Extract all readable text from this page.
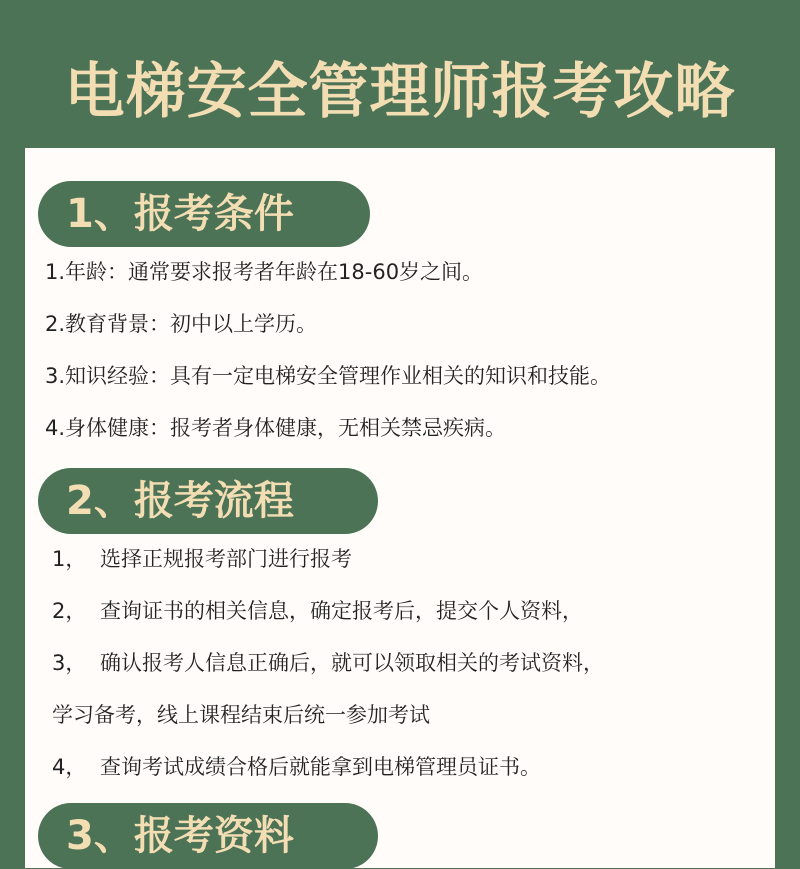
电梯安全管理师报考攻略
1、报考条件
1.年龄：通常要求报考者年龄在18-60岁之间。
2.教育背景：初中以上学历。
3.知识经验：具有一定电梯安全管理作业相关的知识和技能。
4.身体健康：报考者身体健康，无相关禁忌疾病。
2、报考流程
1， 选择正规报考部门进行报考
2， 查询证书的相关信息，确定报考后，提交个人资料，
3， 确认报考人信息正确后，就可以领取相关的考试资料，
学习备考，线上课程结束后统一参加考试
4， 查询考试成绩合格后就能拿到电梯管理员证书。
3、报考资料
